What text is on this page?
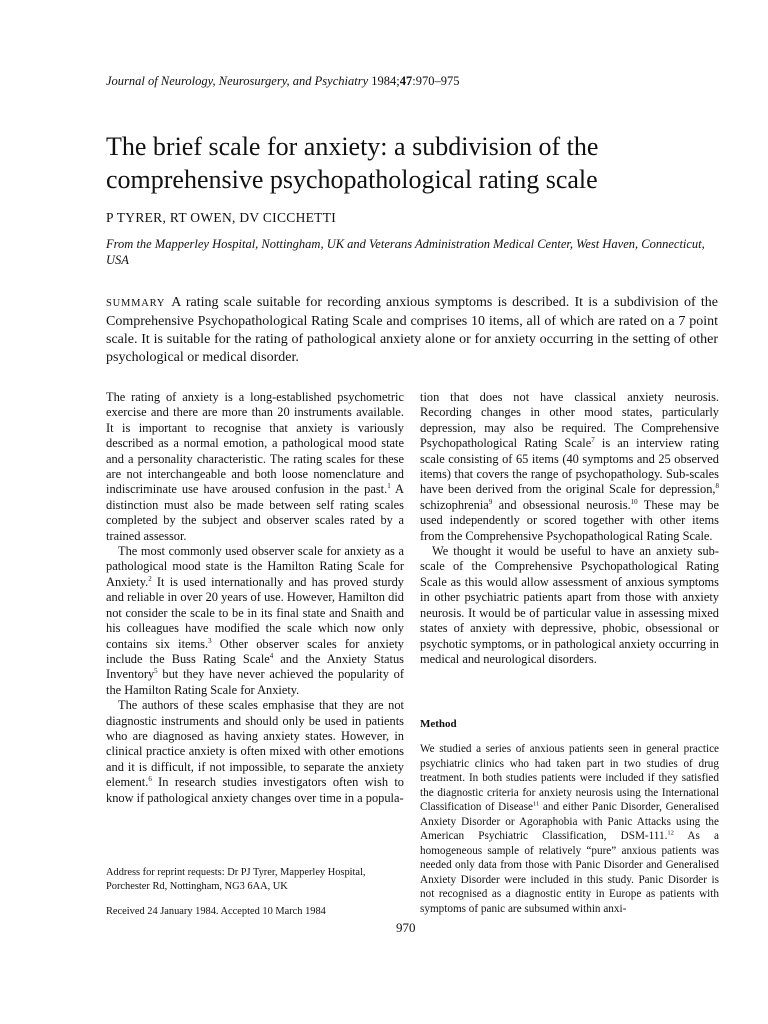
Journal of Neurology, Neurosurgery, and Psychiatry 1984;47:970–975
The brief scale for anxiety: a subdivision of the comprehensive psychopathological rating scale
P TYRER, RT OWEN, DV CICCHETTI
From the Mapperley Hospital, Nottingham, UK and Veterans Administration Medical Center, West Haven, Connecticut, USA
SUMMARY A rating scale suitable for recording anxious symptoms is described. It is a subdivision of the Comprehensive Psychopathological Rating Scale and comprises 10 items, all of which are rated on a 7 point scale. It is suitable for the rating of pathological anxiety alone or for anxiety occurring in the setting of other psychological or medical disorder.

The rating of anxiety is a long-established psychometric exercise and there are more than 20 instruments available. It is important to recognise that anxiety is variously described as a normal emotion, a pathological mood state and a personality characteristic. The rating scales for these are not interchangeable and both loose nomenclature and indiscriminate use have aroused confusion in the past.$^1$ A distinction must also be made between self rating scales completed by the subject and observer scales rated by a trained assessor.

The most commonly used observer scale for anxiety as a pathological mood state is the Hamilton Rating Scale for Anxiety.$^2$ It is used internationally and has proved sturdy and reliable in over 20 years of use. However, Hamilton did not consider the scale to be in its final state and Snaith and his colleagues have modified the scale which now only contains six items.$^3$ Other observer scales for anxiety include the Buss Rating Scale$^4$ and the Anxiety Status Inventory$^5$ but they have never achieved the popularity of the Hamilton Rating Scale for Anxiety.

The authors of these scales emphasise that they are not diagnostic instruments and should only be used in patients who are diagnosed as having anxiety states. However, in clinical practice anxiety is often mixed with other emotions and it is difficult, if not impossible, to separate the anxiety element.$^6$ In research studies investigators often wish to know if pathological anxiety changes over time in a popula-

tion that does not have classical anxiety neurosis. Recording changes in other mood states, particularly depression, may also be required. The Comprehensive Psychopathological Rating Scale$^7$ is an interview rating scale consisting of 65 items (40 symptoms and 25 observed items) that covers the range of psychopathology. Sub-scales have been derived from the original Scale for depression,$^8$ schizophrenia$^9$ and obsessional neurosis.$^{10}$ These may be used independently or scored together with other items from the Comprehensive Psychopathological Rating Scale.

We thought it would be useful to have an anxiety sub-scale of the Comprehensive Psychopathological Rating Scale as this would allow assessment of anxious symptoms in other psychiatric patients apart from those with anxiety neurosis. It would be of particular value in assessing mixed states of anxiety with depressive, phobic, obsessional or psychotic symptoms, or in pathological anxiety occurring in medical and neurological disorders.

Method

We studied a series of anxious patients seen in general practice psychiatric clinics who had taken part in two studies of drug treatment. In both studies patients were included if they satisfied the diagnostic criteria for anxiety neurosis using the International Classification of Disease$^{11}$ and either Panic Disorder, Generalised Anxiety Disorder or Agoraphobia with Panic Attacks using the American Psychiatric Classification, DSM-111.12 As a homogeneous sample of relatively “pure” anxious patients was needed only data from those with Panic Disorder and Generalised Anxiety Disorder were included in this study. Panic Disorder is not recognised as a diagnostic entity in Europe as patients with symptoms of panic are subsumed within anxi-

Address for reprint requests: Dr PJ Tyrer, Mapperley Hospital, Porchester Rd, Nottingham, NG3 6AA, UK

Received 24 January 1984. Accepted 10 March 1984
970
